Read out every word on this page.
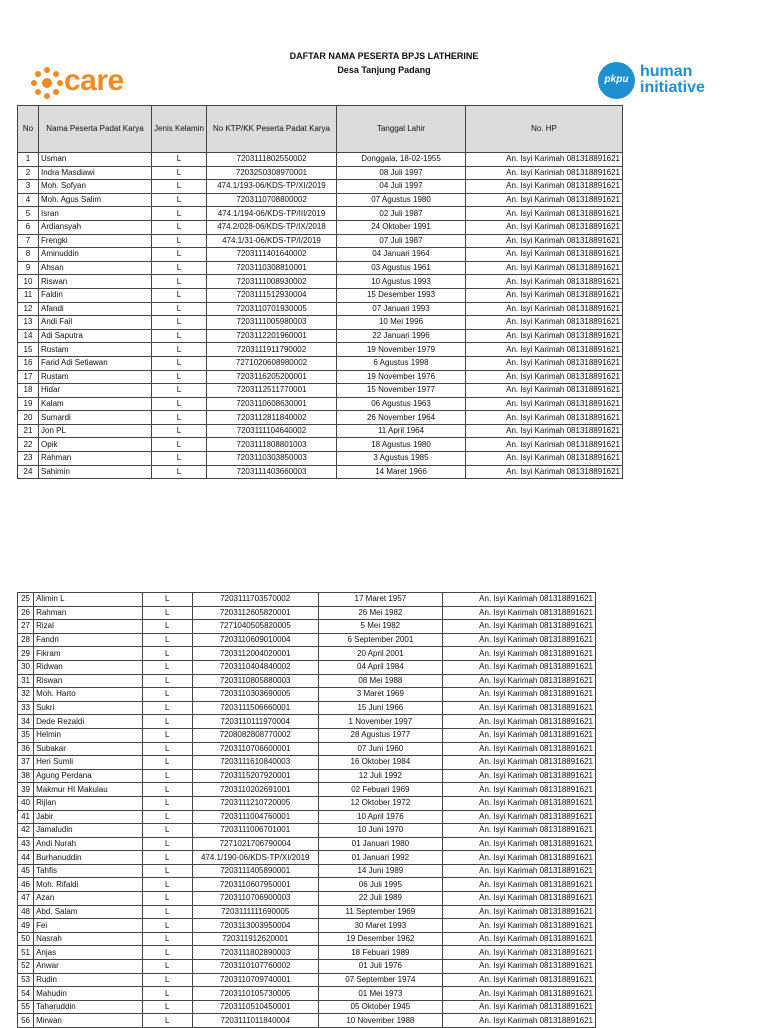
DAFTAR NAMA PESERTA BPJS LATHERINE
Desa Tanjung Padang
care	pkpu human
initiative
No	Nama Peserta Padat Karya	Jenis Kelamin	No KTP/KK Peserta Padat Karya	Tanggal Lahir	No. HP
1	Usman	L	7203111802550002	Donggala, 18-02-1955	An. Isyi Karimah 081318891621
2	Indra Masdiawi	L	7203250308970001	08 Juli 1997	An. Isyi Karimah 081318891621
3	Moh. Sofyan	L	474.1/193-06/KDS-TP/XI/2019	04 Juli 1997	An. Isyi Karimah 081318891621
4	Moh. Agus Salim	L	7203110708800002	07 Agustus 1980	An. Isyi Karimah 081318891621
5	Isran	L	474.1/194-06/KDS-TP/III/2019	02 Juli 1987	An. Isyi Karimah 081318891621
6	Ardiansyah	L	474.2/028-06/KDS-TP/IX/2018	24 Oktober 1991	An. Isyi Karimah 081318891621
7	Frengki	L	474.1/31-06/KDS-TP/I/2019	07 Juli 1987	An. Isyi Karimah 081318891621
8	Aminuddin	L	7203111401640002	04 Januari 1964	An. Isyi Karimah 081318891621
9	Ahsan	L	7203110308810001	03 Agustus 1961	An. Isyi Karimah 081318891621
10	Riswan	L	7203111008930002	10 Agustus 1993	An. Isyi Karimah 081318891621
11	Faldin	L	7203111512930004	15 Desember 1993	An. Isyi Karimah 081318891621
12	Afandi	L	7203110701930005	07 Januari 1993	An. Isyi Karimah 081318891621
13	Andi Fail	L	7203111005980003	10 Mei 1996	An. Isyi Karimah 081318891621
14	Adi Saputra	L	7203112201960001	22 Januari 1996	An. Isyi Karimah 081318891621
15	Rustam	L	7203111911790002	19 November 1979	An. Isyi Karimah 081318891621
16	Farid Adi Setiawan	L	7271020608980002	6 Agustus 1998	An. Isyi Karimah 081318891621
17	Rustam	L	7203116205200001	19 November 1976	An. Isyi Karimah 081318891621
18	Hidar	L	7203112511770001	15 November 1977	An. Isyi Karimah 081318891621
19	Kalam	L	7203110608630001	06 Agustus 1963	An. Isyi Karimah 081318891621
20	Sumardi	L	7203112811840002	26 November 1964	An. Isyi Karimah 081318891621
21	Jon PL	L	7203111104640002	11 April 1964	An. Isyi Karimah 081318891621
22	Opik	L	7203111808801003	18 Agustus 1980	An. Isyi Karimah 081318891621
23	Rahman	L	7203110303850003	3 Agustus 1985	An. Isyi Karimah 081318891621
24	Sahimin	L	7203111403660003	14 Maret 1966	An. Isyi Karimah 081318891621
25	Alimin L	L	7203111703570002	17 Maret 1957	An. Isyi Karimah 081318891621
26	Rahman	L	7203112605820001	26 Mei 1982	An. Isyi Karimah 081318891621
27	Rizal	L	7271040505820005	5 Mei 1982	An. Isyi Karimah 081318891621
28	Fandri	L	7203110609010004	6 September 2001	An. Isyi Karimah 081318891621
29	Fikram	L	7203112004020001	20 April 2001	An. Isyi Karimah 081318891621
30	Ridwan	L	7203110404840002	04 April 1984	An. Isyi Karimah 081318891621
31	Riswan	L	7203110805880003	08 Mei 1988	An. Isyi Karimah 081318891621
32	Moh. Harto	L	7203110303690005	3 Maret 1969	An. Isyi Karimah 081318891621
33	Sukri	L	7203111506660001	15 Juni 1966	An. Isyi Karimah 081318891621
34	Dede Rezaldi	L	7203110111970004	1 November 1997	An. Isyi Karimah 081318891621
35	Helmin	L	7208082808770002	28 Agustus 1977	An. Isyi Karimah 081318891621
36	Subakar	L	7203110706600001	07 Juni 1960	An. Isyi Karimah 081318891621
37	Heri Sumli	L	7203111610840003	16 Oktober 1984	An. Isyi Karimah 081318891621
38	Agung Perdana	L	7203115207920001	12 Juli 1992	An. Isyi Karimah 081318891621
39	Makmur HI Makulau	L	7203110202691001	02 Febuari 1969	An. Isyi Karimah 081318891621
40	Rijlan	L	7203111210720005	12 Oktober 1972	An. Isyi Karimah 081318891621
41	Jabir	L	7203111004760001	10 April 1976	An. Isyi Karimah 081318891621
42	Jamaludin	L	7203111006701001	10 Juni 1970	An. Isyi Karimah 081318891621
43	Andi Nurah	L	7271021706790004	01 Januari 1980	An. Isyi Karimah 081318891621
44	Burhanuddin	L	474.1/190-06/KDS-TP/XI/2019	01 Januari 1992	An. Isyi Karimah 081318891621
45	Tahfis	L	7203111405890001	14 Juni 1989	An. Isyi Karimah 081318891621
46	Moh. Rifaldi	L	7203110607950001	06 Juli 1995	An. Isyi Karimah 081318891621
47	Azan	L	7203110706900003	22 Juli 1989	An. Isyi Karimah 081318891621
48	Abd. Salam	L	7203111111690005	11 September 1969	An. Isyi Karimah 081318891621
49	Fei	L	7203113003950004	30 Maret 1993	An. Isyi Karimah 081318891621
50	Nasrah	L	720311912620001	19 Desember 1962	An. Isyi Karimah 081318891621
51	Anjas	L	7203111802890003	18 Febuari 1989	An. Isyi Karimah 081318891621
52	Anwar	L	7203110107760002	01 Juli 1976	An. Isyi Karimah 081318891621
53	Rudin	L	7203110709740001	07 September 1974	An. Isyi Karimah 081318891621
54	Mahudin	L	7203110105730005	01 Mei 1973	An. Isyi Karimah 081318891621
55	Taharuddin	L	7203110510450001	05 Oktober 1945	An. Isyi Karimah 081318891621
56	Mirwan	L	7203111011840004	10 November 1988	An. Isyi Karimah 081318891621
